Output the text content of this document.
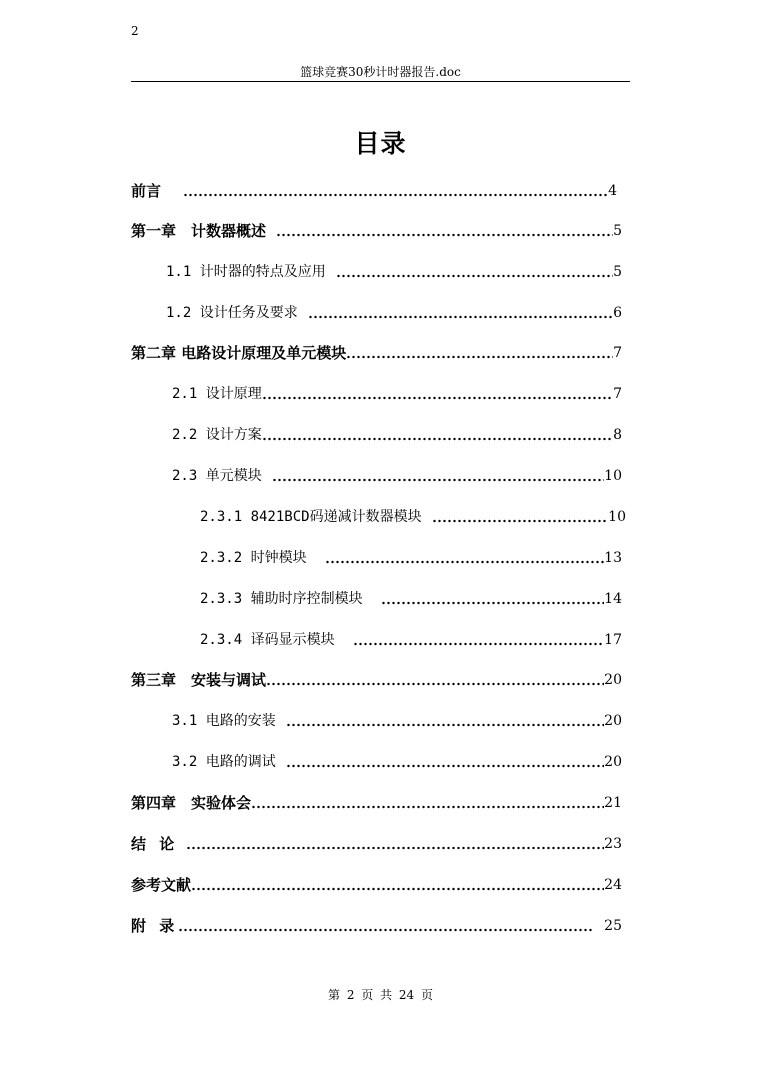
2
篮球竞赛30秒计时器报告.doc
目录
前言	4
第一章　计数器概述	5
1.1 计时器的特点及应用	5
1.2 设计任务及要求	6
第二章 电路设计原理及单元模块	7
2.1 设计原理	7
2.2 设计方案	8
2.3 单元模块	10
2.3.1 8421BCD码递减计数器模块	10
2.3.2 时钟模块	13
2.3.3 辅助时序控制模块	14
2.3.4 译码显示模块	17
第三章　安装与调试	20
3.1 电路的安装	20
3.2 电路的调试	20
第四章　实验体会	21
结 论	23
参考文献	24
附 录	25
第 2 页 共 24 页
